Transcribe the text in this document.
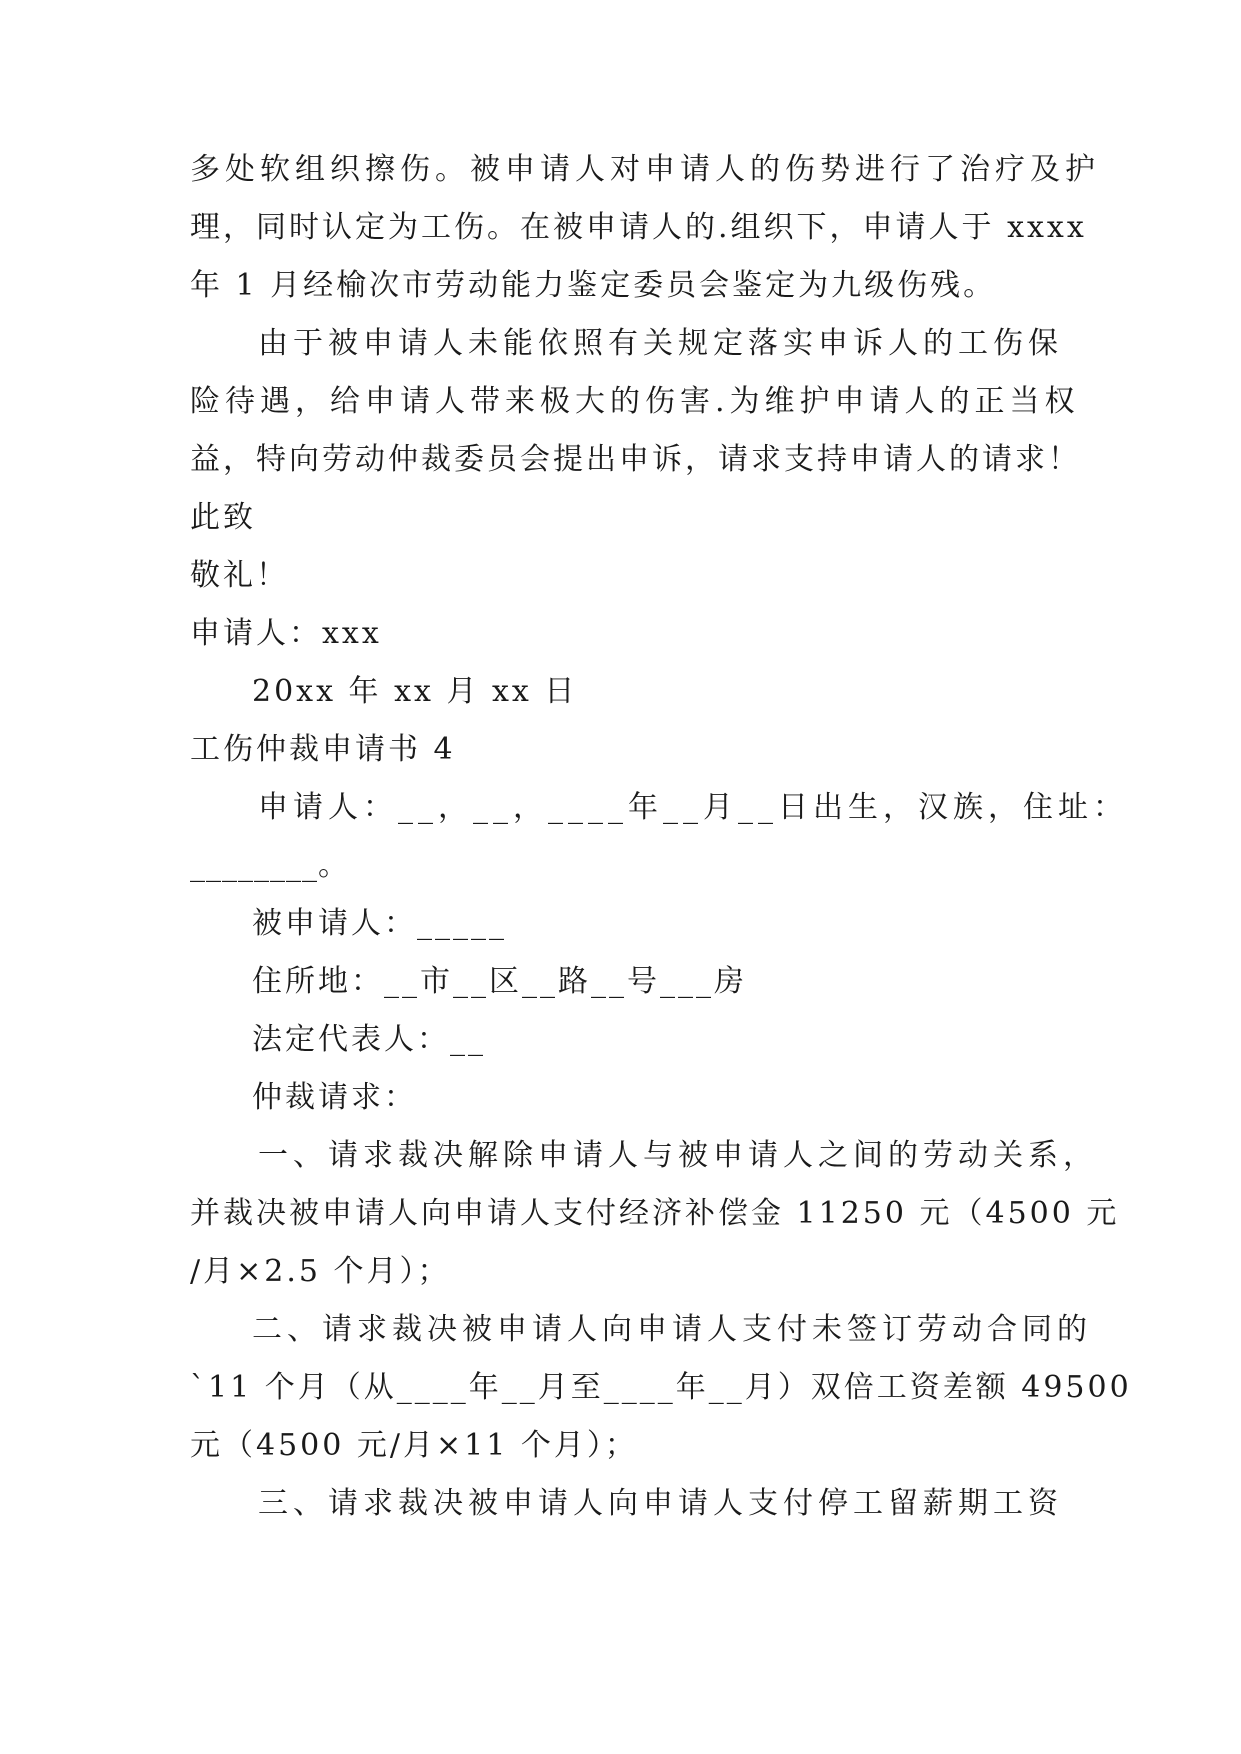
多处软组织擦伤。被申请人对申请人的伤势进行了治疗及护
理，同时认定为工伤。在被申请人的.组织下，申请人于 xxxx
年 1 月经榆次市劳动能力鉴定委员会鉴定为九级伤残。
由于被申请人未能依照有关规定落实申诉人的工伤保
险待遇，给申请人带来极大的伤害.为维护申请人的正当权
益，特向劳动仲裁委员会提出申诉，请求支持申请人的请求！
此致
敬礼！
申请人：xxx
20xx 年 xx 月 xx 日
工伤仲裁申请书 4
申请人：__，__，____年__月__日出生，汉族，住址：
________。
被申请人：_____
住所地：__市__区__路__号___房
法定代表人：__
仲裁请求：
一、请求裁决解除申请人与被申请人之间的劳动关系，
并裁决被申请人向申请人支付经济补偿金 11250 元（4500 元
/月×2.5 个月）；
二、请求裁决被申请人向申请人支付未签订劳动合同的
`11 个月（从____年__月至____年__月）双倍工资差额 49500
元（4500 元/月×11 个月）；
三、请求裁决被申请人向申请人支付停工留薪期工资
